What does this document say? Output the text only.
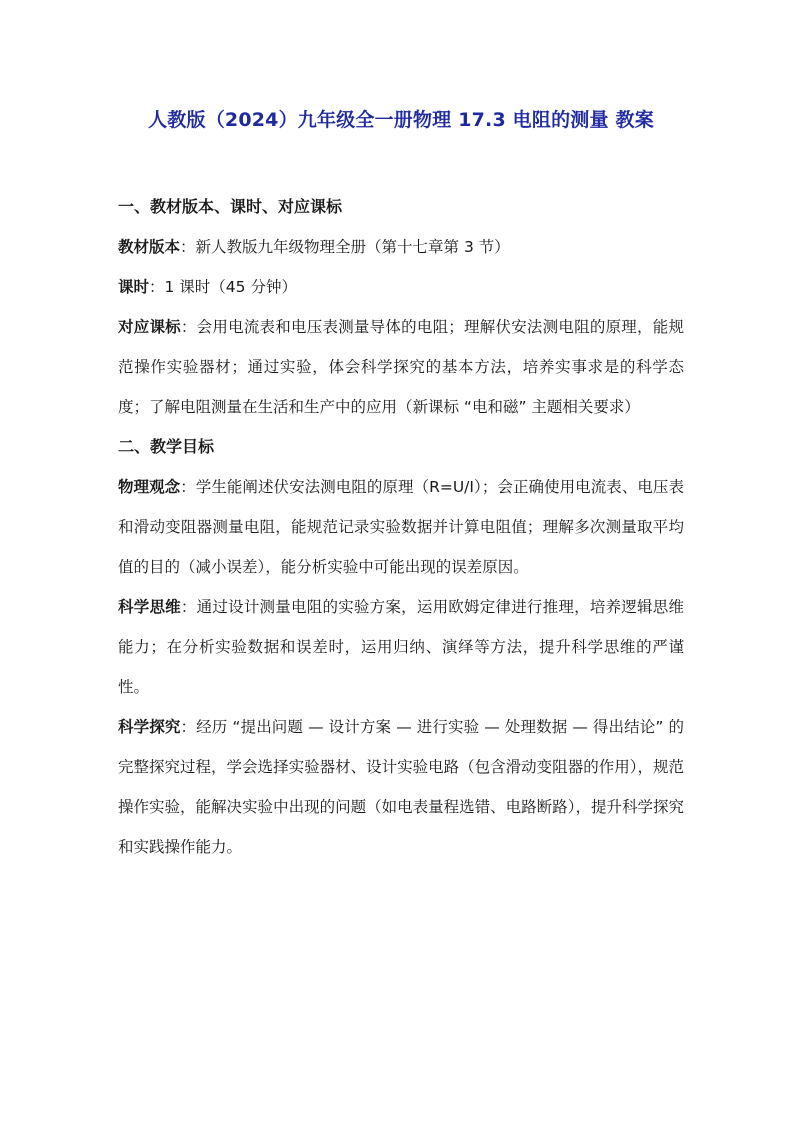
人教版（2024）九年级全一册物理 17.3 电阻的测量 教案
一、教材版本、课时、对应课标

教材版本：新人教版九年级物理全册（第十七章第 3 节）

课时：1 课时（45 分钟）

对应课标：会用电流表和电压表测量导体的电阻；理解伏安法测电阻的原理，能规范操作实验器材；通过实验，体会科学探究的基本方法，培养实事求是的科学态度；了解电阻测量在生活和生产中的应用（新课标 “电和磁” 主题相关要求）

二、教学目标

物理观念：学生能阐述伏安法测电阻的原理（R=U/I）；会正确使用电流表、电压表和滑动变阻器测量电阻，能规范记录实验数据并计算电阻值；理解多次测量取平均值的目的（减小误差），能分析实验中可能出现的误差原因。

科学思维：通过设计测量电阻的实验方案，运用欧姆定律进行推理，培养逻辑思维能力；在分析实验数据和误差时，运用归纳、演绎等方法，提升科学思维的严谨性。

科学探究：经历 “提出问题 — 设计方案 — 进行实验 — 处理数据 — 得出结论” 的完整探究过程，学会选择实验器材、设计实验电路（包含滑动变阻器的作用），规范操作实验，能解决实验中出现的问题（如电表量程选错、电路断路），提升科学探究和实践操作能力。
